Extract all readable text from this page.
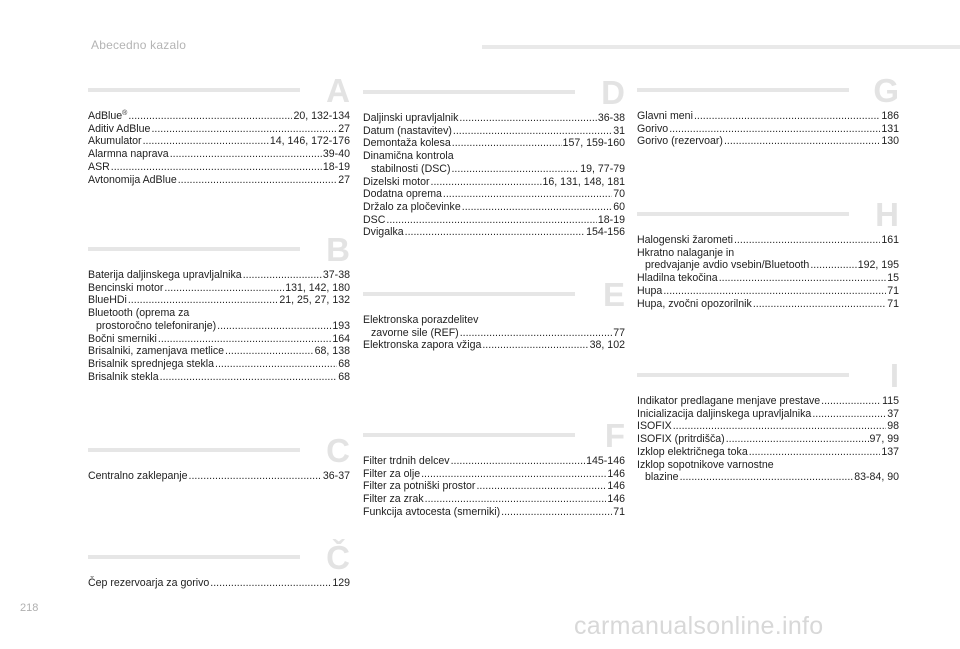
Abecedno kazalo
A
AdBlue® .....	20, 132-134
Aditiv AdBlue .....	27
Akumulator .....	14, 146, 172-176
Alarmna naprava .....	39-40
ASR .....	18-19
Avtonomija AdBlue .....	27
B
Baterija daljinskega upravljalnika .....	37-38
Bencinski motor .....	131, 142, 180
BlueHDi .....	21, 25, 27, 132
Bluetooth (oprema za
prostoročno telefoniranje) .....	193
Bočni smerniki .....	164
Brisalniki, zamenjava metlice .....	68, 138
Brisalnik sprednjega stekla .....	68
Brisalnik stekla .....	68
C
Centralno zaklepanje .....	36-37
Č
Čep rezervoarja za gorivo .....	129
D
Daljinski upravljalnik .....	36-38
Datum (nastavitev) .....	31
Demontaža kolesa .....	157, 159-160
Dinamična kontrola
stabilnosti (DSC) .....	19, 77-79
Dizelski motor .....	16, 131, 148, 181
Dodatna oprema .....	70
Držalo za pločevinke .....	60
DSC .....	18-19
Dvigalka .....	154-156
E
Elektronska porazdelitev
zavorne sile (REF) .....	77
Elektronska zapora vžiga .....	38, 102
F
Filter trdnih delcev .....	145-146
Filter za olje .....	146
Filter za potniški prostor .....	146
Filter za zrak .....	146
Funkcija avtocesta (smerniki) .....	71
G
Glavni meni .....	186
Gorivo .....	131
Gorivo (rezervoar) .....	130
H
Halogenski žarometi .....	161
Hkratno nalaganje in
predvajanje avdio vsebin/Bluetooth .....	192, 195
Hladilna tekočina .....	15
Hupa .....	71
Hupa, zvočni opozorilnik .....	71
I
Indikator predlagane menjave prestave .....	115
Inicializacija daljinskega upravljalnika .....	37
ISOFIX .....	98
ISOFIX (pritrdišča) .....	97, 99
Izklop električnega toka .....	137
Izklop sopotnikove varnostne
blazine .....	83-84, 90
218
carmanualsonline.info
